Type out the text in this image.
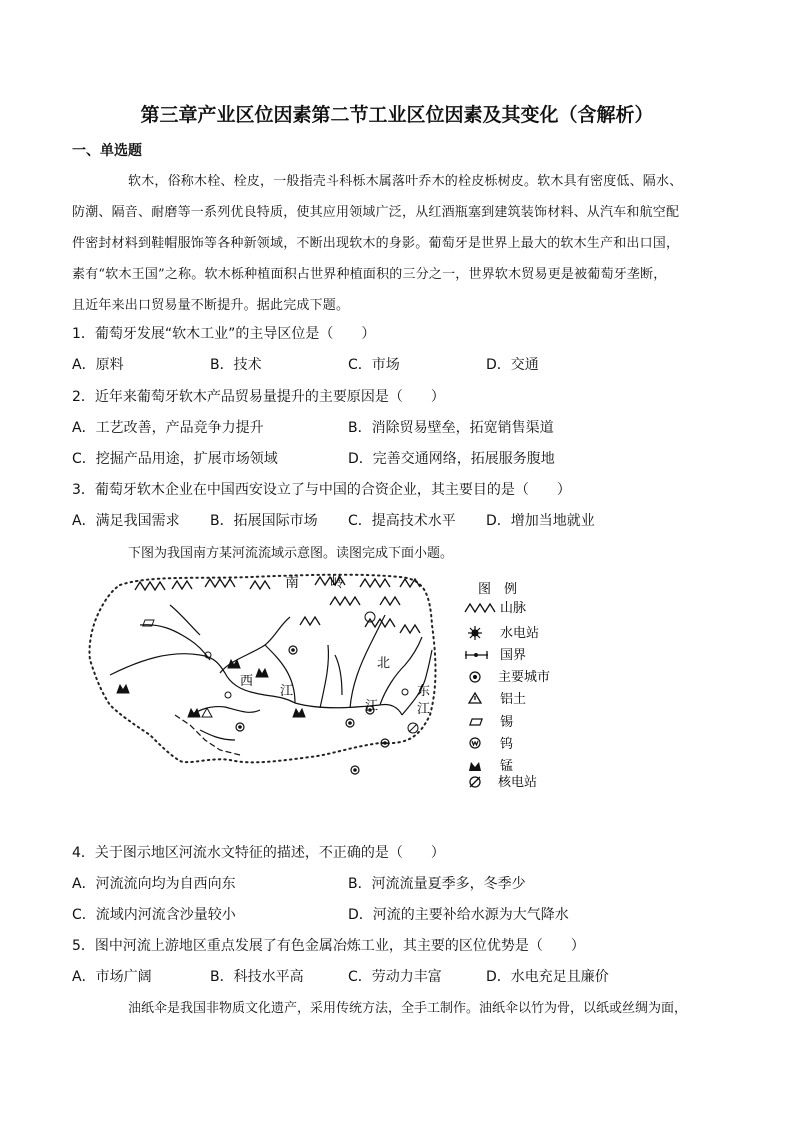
第三章产业区位因素第二节工业区位因素及其变化（含解析）
一、单选题
软木，俗称木栓、栓皮，一般指壳斗科栎木属落叶乔木的栓皮栎树皮。软木具有密度低、隔水、
防潮、隔音、耐磨等一系列优良特质，使其应用领域广泛，从红酒瓶塞到建筑装饰材料、从汽车和航空配
件密封材料到鞋帽服饰等各种新领域，不断出现软木的身影。葡萄牙是世界上最大的软木生产和出口国，
素有“软木王国”之称。软木栎种植面积占世界种植面积的三分之一，世界软木贸易更是被葡萄牙垄断，
且近年来出口贸易量不断提升。据此完成下题。
1．葡萄牙发展“软木工业”的主导区位是（　　）
A．原料	B．技术	C．市场	D．交通
2．近年来葡萄牙软木产品贸易量提升的主要原因是（　　）
A．工艺改善，产品竞争力提升	B．消除贸易壁垒，拓宽销售渠道
C．挖掘产品用途，扩展市场领域	D．完善交通网络，拓展服务腹地
3．葡萄牙软木企业在中国西安设立了与中国的合资企业，其主要目的是（　　）
A．满足我国需求 B．拓展国际市场 C．提高技术水平 D．增加当地就业
下图为我国南方某河流流域示意图。读图完成下面小题。
南 岭
西
江
北
江
东
江
图　例
山脉
水电站
国界
主要城市
铝土
锡
钨
锰
核电站
4．关于图示地区河流水文特征的描述，不正确的是（　　）
A．河流流向均为自西向东	B．河流流量夏季多，冬季少
C．流域内河流含沙量较小	D．河流的主要补给水源为大气降水
5．图中河流上游地区重点发展了有色金属冶炼工业，其主要的区位优势是（　　）
A．市场广阔	B．科技水平高	C．劳动力丰富	D．水电充足且廉价
油纸伞是我国非物质文化遗产，采用传统方法，全手工制作。油纸伞以竹为骨，以纸或丝绸为面，
